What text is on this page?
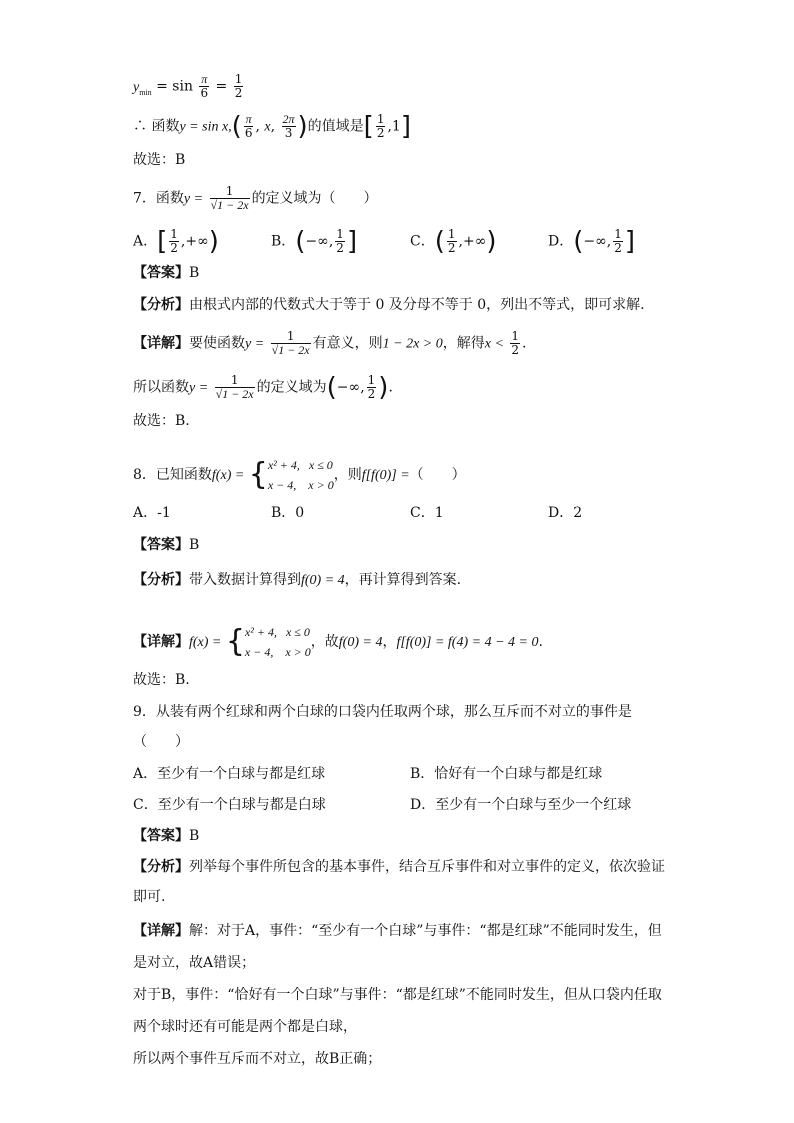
$y_{min} = \sin \frac{\pi}{6} = \frac{1}{2}$
∴ 函数$y = \sin x,( \frac{\pi}{6}$ , x, $\frac{2\pi}{3}$ )的值域是[ $\frac{1}{2} ,1$]
故选：B
7．函数$y = \frac{1}{√1 - 2x}$ 的定义域为（　　）
A．[ $\frac{1}{2}$ ,+∞)	B．(−∞, $\frac{1}{2}$ ]	C．( $\frac{1}{2}$ ,+∞)	D．(−∞, $\frac{1}{2}$ ]
【答案】B
【分析】由根式内部的代数式大于等于 0 及分母不等于 0，列出不等式，即可求解.
【详解】要使函数$y = \frac{1}{√1 - 2x}$ 有意义，则1 − 2x > 0，解得$x < \frac{1}{2}$ .
所以函数$y = \frac{1}{√1 - 2x}$ 的定义域为(−∞, $\frac{1}{2}$ ).
故选：B.
8．已知函数f(x) = { x² + 4, x ≤ 0
x − 4, x > 0
，则f[f(0)] =（　　）
A．-1	B．0	C．1	D．2
【答案】B
【分析】带入数据计算得到f(0) = 4，再计算得到答案.
【详解】f(x) = { x² + 4, x ≤ 0
x − 4, x > 0
，故f(0) = 4，f[f(0)] = f(4) = 4 − 4 = 0.
故选：B.
9．从装有两个红球和两个白球的口袋内任取两个球，那么互斥而不对立的事件是
（　　）
A．至少有一个白球与都是红球	B．恰好有一个白球与都是红球
C．至少有一个白球与都是白球	D．至少有一个白球与至少一个红球
【答案】B
【分析】列举每个事件所包含的基本事件，结合互斥事件和对立事件的定义，依次验证
即可.
【详解】解：对于A，事件：“至少有一个白球”与事件：“都是红球”不能同时发生，但
是对立，故A错误；
对于B，事件：“恰好有一个白球”与事件：“都是红球”不能同时发生，但从口袋内任取
两个球时还有可能是两个都是白球，
所以两个事件互斥而不对立，故B正确；
